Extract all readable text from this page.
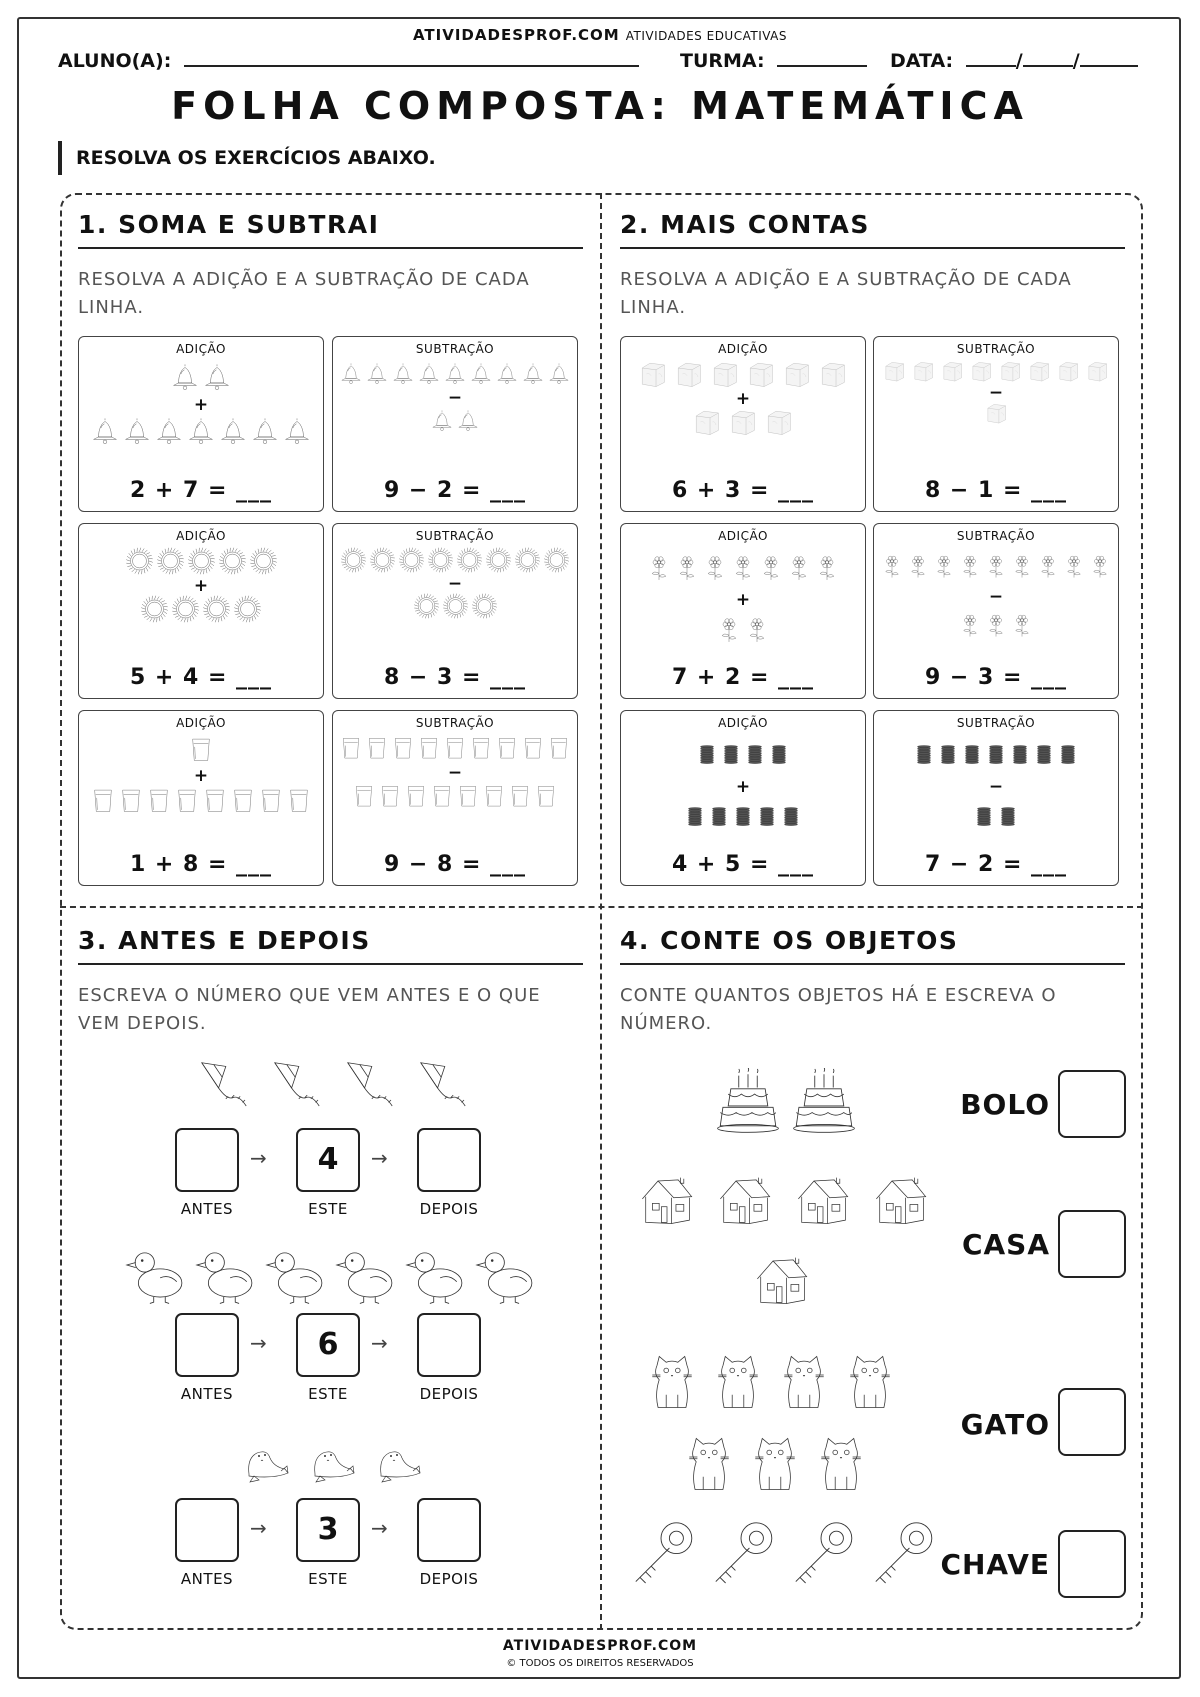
ATIVIDADESPROF.COM ATIVIDADES EDUCATIVAS
ALUNO(A):	TURMA:	DATA:	/	/
FOLHA COMPOSTA: MATEMÁTICA
RESOLVA OS EXERCÍCIOS ABAIXO.
1. SOMA E SUBTRAI
RESOLVA A ADIÇÃO E A SUBTRAÇÃO DE CADA LINHA.
2. MAIS CONTAS
RESOLVA A ADIÇÃO E A SUBTRAÇÃO DE CADA LINHA.
3. ANTES E DEPOIS
ESCREVA O NÚMERO QUE VEM ANTES E O QUE VEM DEPOIS.
4. CONTE OS OBJETOS
CONTE QUANTOS OBJETOS HÁ E ESCREVA O NÚMERO.
ADIÇÃO
+
2 + 7 = ___
SUBTRAÇÃO
−
9 − 2 = ___
ADIÇÃO
+
5 + 4 = ___
SUBTRAÇÃO
−
8 − 3 = ___
ADIÇÃO
+
1 + 8 = ___
SUBTRAÇÃO
−
9 − 8 = ___
ADIÇÃO
+
6 + 3 = ___
SUBTRAÇÃO
−
8 − 1 = ___
ADIÇÃO
+
7 + 2 = ___
SUBTRAÇÃO
−
9 − 3 = ___
ADIÇÃO
+
4 + 5 = ___
SUBTRAÇÃO
−
7 − 2 = ___
ANTES
4
ESTE	DEPOIS
→	→
ANTES
6
ESTE	DEPOIS
→	→
ANTES
3
ESTE	DEPOIS
→	→
BOLO
CASA
GATO
CHAVE
ATIVIDADESPROF.COM
© TODOS OS DIREITOS RESERVADOS
